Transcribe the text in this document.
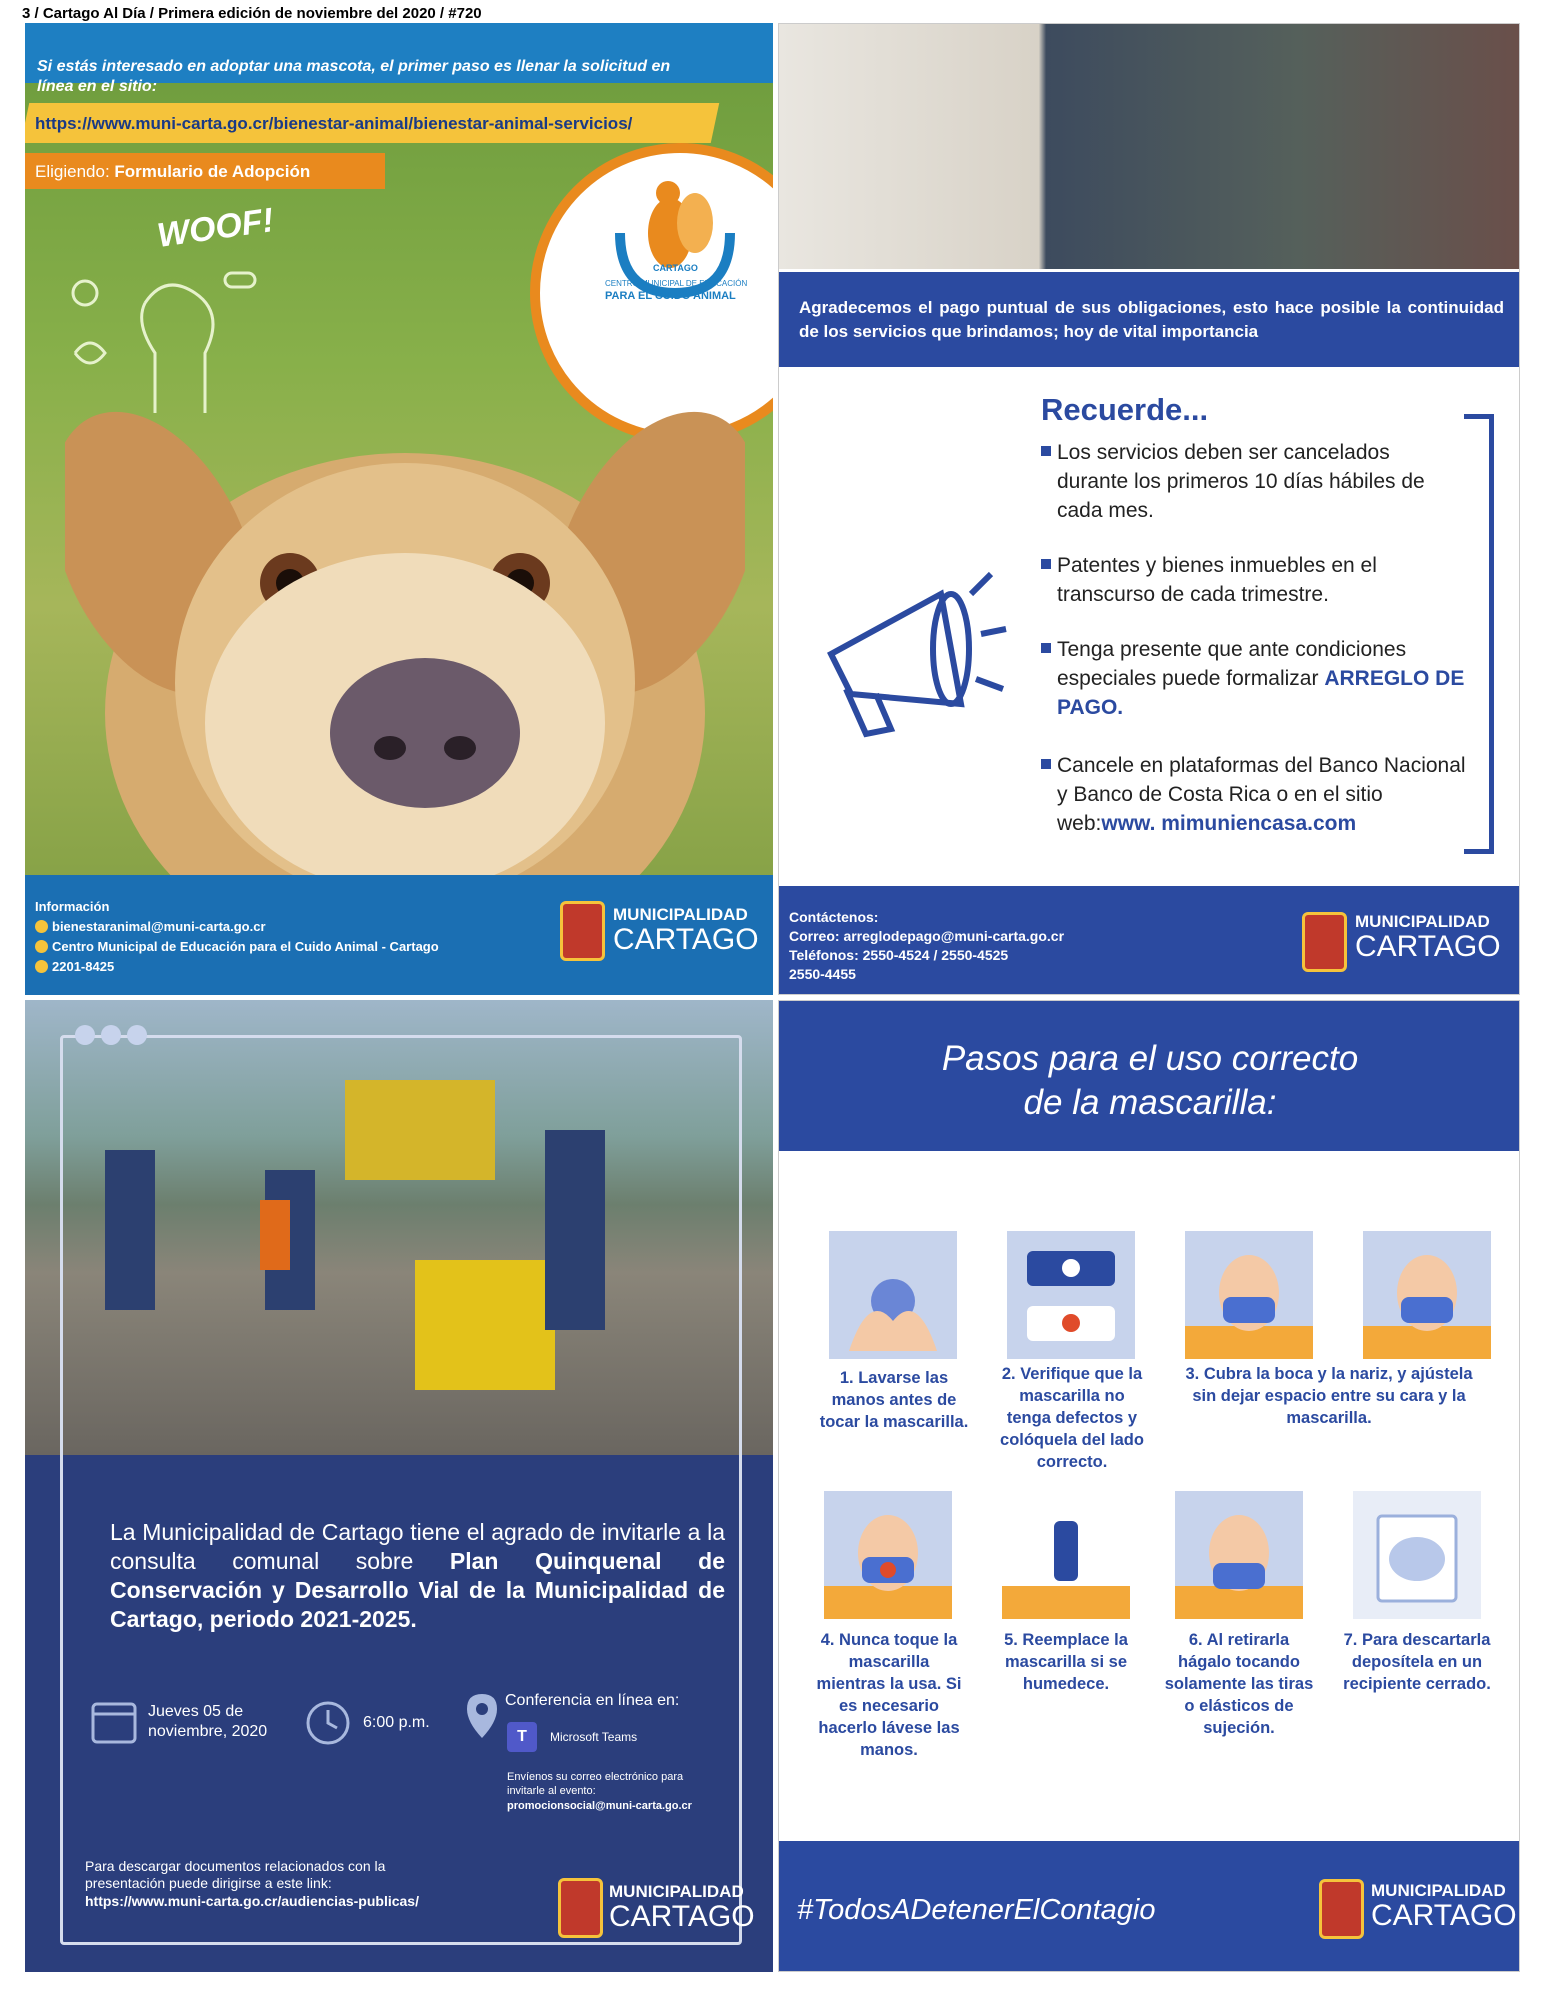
3 / Cartago Al Día / Primera edición de noviembre del 2020 / #720
Si estás interesado en adoptar una mascota, el primer paso es llenar la solicitud en línea en el sitio:
https://www.muni-carta.go.cr/bienestar-animal/bienestar-animal-servicios/
Eligiendo: Formulario de Adopción
CARTAGO
CENTRO MUNICIPAL DE EDUCACIÓN
PARA EL CUIDO ANIMAL
WOOF!
Información
bienestaranimal@muni-carta.go.cr
Centro Municipal de Educación para el Cuido Animal - Cartago
2201-8425
MUNICIPALIDAD
CARTAGO
Agradecemos el pago puntual de sus obligaciones, esto hace posible la continuidad de los servicios que brindamos; hoy de vital importancia
Recuerde...
Los servicios deben ser cancelados durante los primeros 10 días hábiles de cada mes.
Patentes y bienes inmuebles en el transcurso de cada trimestre.
Tenga presente que ante condiciones especiales puede formalizar ARREGLO DE PAGO.
Cancele en plataformas del Banco Nacional y Banco de Costa Rica o en el sitio web:www. mimuniencasa.com
Contáctenos:
Correo: arreglodepago@muni-carta.go.cr
Teléfonos: 2550-4524 / 2550-4525
2550-4455
MUNICIPALIDAD
CARTAGO
La Municipalidad de Cartago tiene el agrado de invitarle a la consulta comunal sobre Plan Quinquenal de Conservación y Desarrollo Vial de la Municipalidad de Cartago, periodo 2021-2025.
Jueves 05 de noviembre, 2020
6:00 p.m.
Conferencia en línea en:
T	Microsoft Teams
Envíenos su correo electrónico para invitarle al evento:
promocionsocial@muni-carta.go.cr
Para descargar documentos relacionados con la presentación puede dirigirse a este link:
https://www.muni-carta.go.cr/audiencias-publicas/	MUNICIPALIDAD
CARTAGO
Pasos para el uso correcto
de la mascarilla:
1. Lavarse las manos antes de tocar la mascarilla.
2. Verifique que la mascarilla no tenga defectos y colóquela del lado correcto.
3. Cubra la boca y la nariz, y ajústela sin dejar espacio entre su cara y la mascarilla.
4. Nunca toque la mascarilla mientras la usa. Si es necesario hacerlo lávese las manos.
5. Reemplace la mascarilla si se humedece.
6. Al retirarla hágalo tocando solamente las tiras o elásticos de sujeción.
7. Para descartarla deposítela en un recipiente cerrado.
#TodosADetenerElContagio
MUNICIPALIDAD
CARTAGO
